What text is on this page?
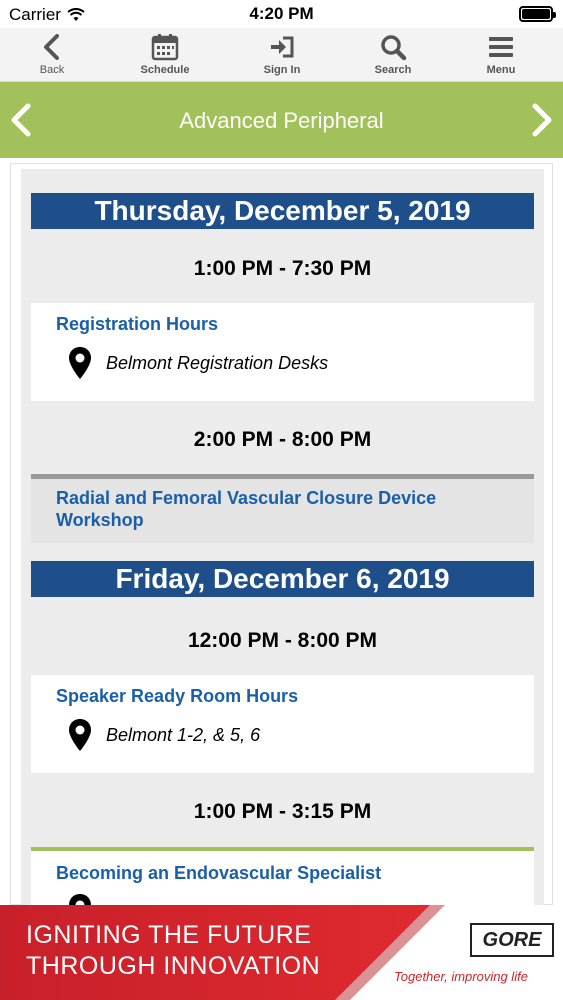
Carrier	4:20 PM
Back	Schedule	Sign In	Search	Menu
Advanced Peripheral
Thursday, December 5, 2019
1:00 PM - 7:30 PM
Registration Hours
Belmont Registration Desks
2:00 PM - 8:00 PM
Radial and Femoral Vascular Closure Device Workshop
Friday, December 6, 2019
12:00 PM - 8:00 PM
Speaker Ready Room Hours
Belmont 1-2, & 5, 6
1:00 PM - 3:15 PM
Becoming an Endovascular Specialist
IGNITING THE FUTURE
THROUGH INNOVATION
GORE
Together, improving life
